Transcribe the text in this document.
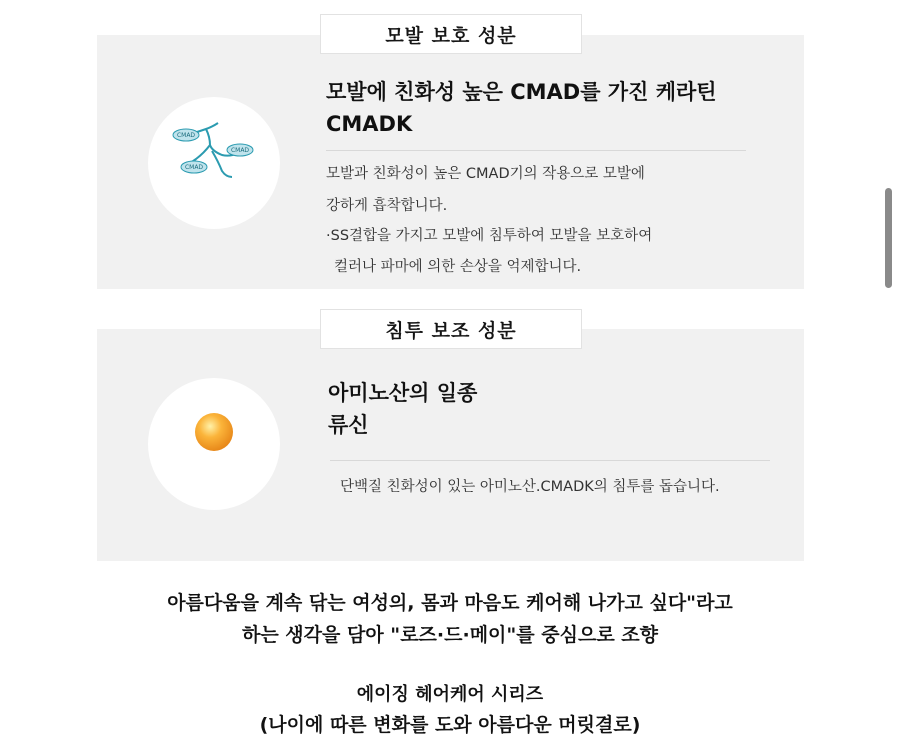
모발 보호 성분
CMAD
CMAD
CMAD
모발에 친화성 높은 CMAD를 가진 케라틴
CMADK
모발과 친화성이 높은 CMAD기의 작용으로 모발에
강하게 흡착합니다.
·SS결합을 가지고 모발에 침투하여 모발을 보호하여
컬러나 파마에 의한 손상을 억제합니다.
침투 보조 성분
아미노산의 일종
류신
단백질 친화성이 있는 아미노산.CMADK의 침투를 돕습니다.
아름다움을 계속 닦는 여성의, 몸과 마음도 케어해 나가고 싶다"라고
하는 생각을 담아 "로즈·드·메이"를 중심으로 조향
에이징 헤어케어 시리즈
(나이에 따른 변화를 도와 아름다운 머릿결로)
